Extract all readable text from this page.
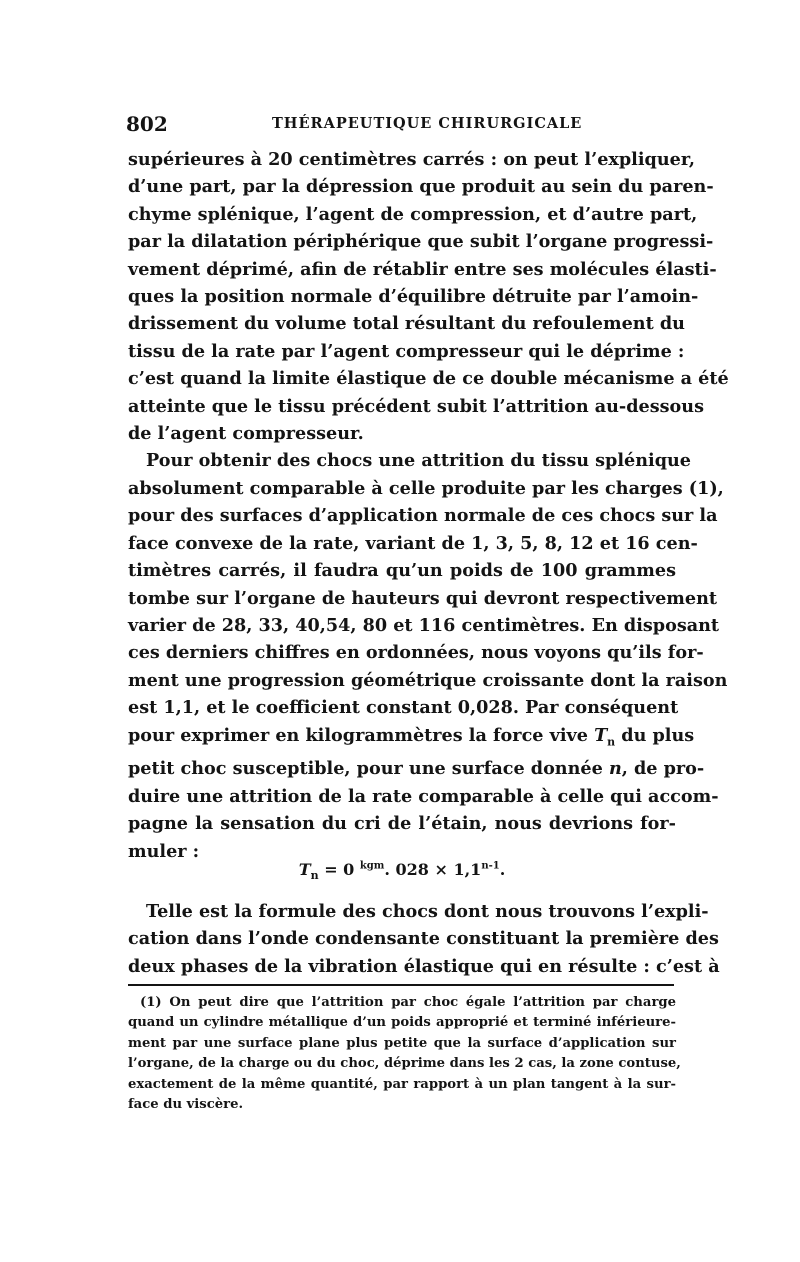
802	THÉRAPEUTIQUE CHIRURGICALE
supérieures à 20 centimètres carrés : on peut l’expliquer,
d’une part, par la dépression que produit au sein du paren-
chyme splénique, l’agent de compression, et d’autre part,
par la dilatation périphérique que subit l’organe progressi-
vement déprimé, afin de rétablir entre ses molécules élasti-
ques la position normale d’équilibre détruite par l’amoin-
drissement du volume total résultant du refoulement du
tissu de la rate par l’agent compresseur qui le déprime :
c’est quand la limite élastique de ce double mécanisme a été
atteinte que le tissu précédent subit l’attrition au-dessous
de l’agent compresseur.
Pour obtenir des chocs une attrition du tissu splénique
absolument comparable à celle produite par les charges (1),
pour des surfaces d’application normale de ces chocs sur la
face convexe de la rate, variant de 1, 3, 5, 8, 12 et 16 cen-
timètres carrés, il faudra qu’un poids de 100 grammes
tombe sur l’organe de hauteurs qui devront respectivement
varier de 28, 33, 40,54, 80 et 116 centimètres. En disposant
ces derniers chiffres en ordonnées, nous voyons qu’ils for-
ment une progression géométrique croissante dont la raison
est 1,1, et le coefficient constant 0,028. Par conséquent
pour exprimer en kilogrammètres la force vive $T_n$ du plus
petit choc susceptible, pour une surface donnée n, de pro-
duire une attrition de la rate comparable à celle qui accom-
pagne la sensation du cri de l’étain, nous devrions for-
muler :
$T_n = 0$ $^{kgm}$. $028 \times 1,1^{n-1}$.
Telle est la formule des chocs dont nous trouvons l’expli-
cation dans l’onde condensante constituant la première des
deux phases de la vibration élastique qui en résulte : c’est à
(1) On peut dire que l’attrition par choc égale l’attrition par charge
quand un cylindre métallique d’un poids approprié et terminé inférieure-
ment par une surface plane plus petite que la surface d’application sur
l’organe, de la charge ou du choc, déprime dans les 2 cas, la zone contuse,
exactement de la même quantité, par rapport à un plan tangent à la sur-
face du viscère.
